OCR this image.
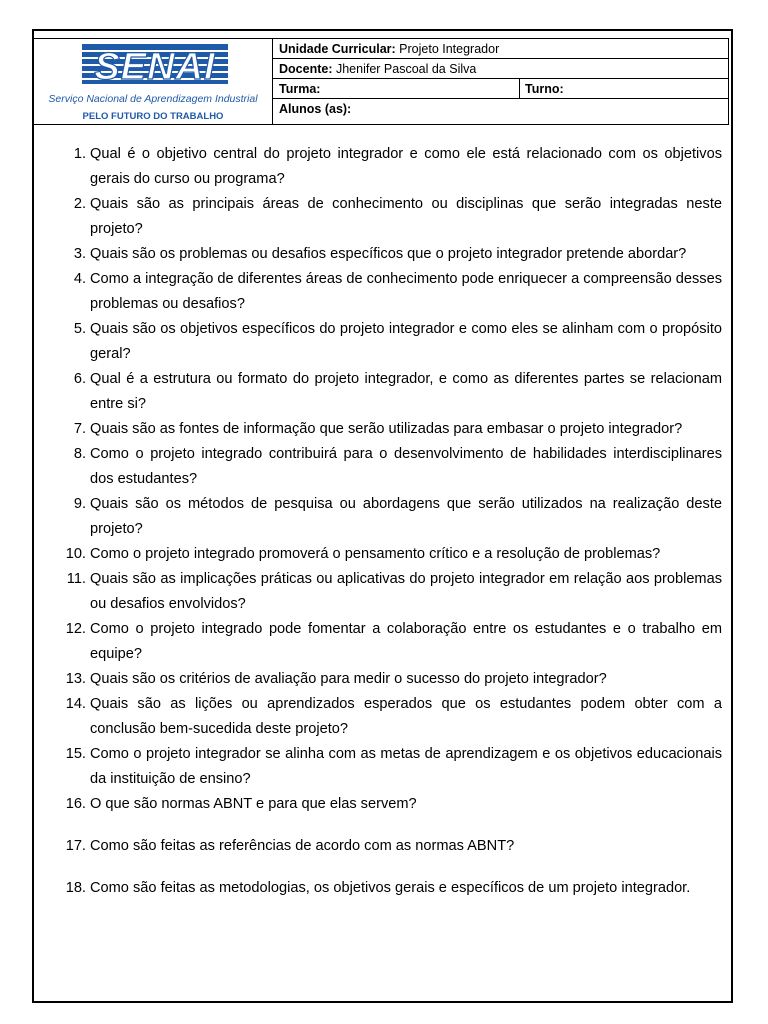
SENAI
Serviço Nacional de Aprendizagem Industrial
PELO FUTURO DO TRABALHO
Unidade Curricular: Projeto Integrador
Docente: Jhenifer Pascoal da Silva
Turma:	Turno:
Alunos (as):
1. Qual é o objetivo central do projeto integrador e como ele está relacionado com os objetivos gerais do curso ou programa?
2. Quais são as principais áreas de conhecimento ou disciplinas que serão integradas neste projeto?
3. Quais são os problemas ou desafios específicos que o projeto integrador pretende abordar?
4. Como a integração de diferentes áreas de conhecimento pode enriquecer a compreensão desses problemas ou desafios?
5. Quais são os objetivos específicos do projeto integrador e como eles se alinham com o propósito geral?
6. Qual é a estrutura ou formato do projeto integrador, e como as diferentes partes se relacionam entre si?
7. Quais são as fontes de informação que serão utilizadas para embasar o projeto integrador?
8. Como o projeto integrado contribuirá para o desenvolvimento de habilidades interdisciplinares dos estudantes?
9. Quais são os métodos de pesquisa ou abordagens que serão utilizados na realização deste projeto?
10. Como o projeto integrado promoverá o pensamento crítico e a resolução de problemas?
11. Quais são as implicações práticas ou aplicativas do projeto integrador em relação aos problemas ou desafios envolvidos?
12. Como o projeto integrado pode fomentar a colaboração entre os estudantes e o trabalho em equipe?
13. Quais são os critérios de avaliação para medir o sucesso do projeto integrador?
14. Quais são as lições ou aprendizados esperados que os estudantes podem obter com a conclusão bem-sucedida deste projeto?
15. Como o projeto integrador se alinha com as metas de aprendizagem e os objetivos educacionais da instituição de ensino?
16. O que são normas ABNT e para que elas servem?
17. Como são feitas as referências de acordo com as normas ABNT?
18. Como são feitas as metodologias, os objetivos gerais e específicos de um projeto integrador.
